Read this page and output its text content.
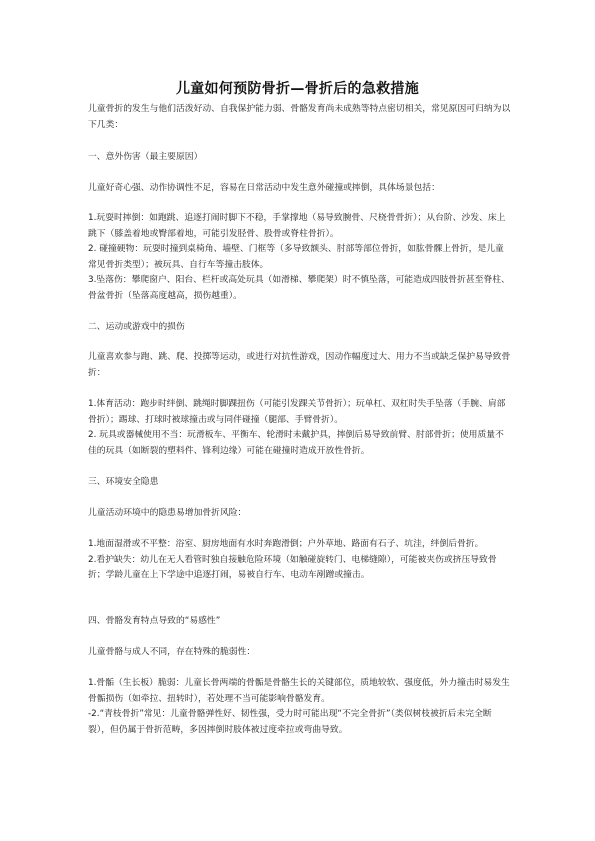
儿童如何预防骨折—骨折后的急救措施

儿童骨折的发生与他们活泼好动、自我保护能力弱、骨骼发育尚未成熟等特点密切相关，常见原因可归纳为以下几类：

一、意外伤害（最主要原因）

儿童好奇心强、动作协调性不足，容易在日常活动中发生意外碰撞或摔倒，具体场景包括：

1.玩耍时摔倒：如跑跳、追逐打闹时脚下不稳，手掌撑地（易导致腕骨、尺桡骨骨折）；从台阶、沙发、床上跳下（膝盖着地或臀部着地，可能引发胫骨、股骨或脊柱骨折）。
2. 碰撞硬物：玩耍时撞到桌椅角、墙壁、门框等（多导致额头、肘部等部位骨折，如肱骨髁上骨折，是儿童常见骨折类型）；被玩具、自行车等撞击肢体。
3.坠落伤：攀爬窗户、阳台、栏杆或高处玩具（如滑梯、攀爬架）时不慎坠落，可能造成四肢骨折甚至脊柱、骨盆骨折（坠落高度越高，损伤越重）。

二、运动或游戏中的损伤

儿童喜欢参与跑、跳、爬、投掷等运动，或进行对抗性游戏，因动作幅度过大、用力不当或缺乏保护易导致骨折：

1.体育活动：跑步时绊倒、跳绳时脚踝扭伤（可能引发踝关节骨折）；玩单杠、双杠时失手坠落（手腕、肩部骨折）；踢球、打球时被球撞击或与同伴碰撞（腿部、手臂骨折）。
2. 玩具或器械使用不当：玩滑板车、平衡车、轮滑时未戴护具，摔倒后易导致前臂、肘部骨折；使用质量不佳的玩具（如断裂的塑料件、锋利边缘）可能在碰撞时造成开放性骨折。

三、环境安全隐患

儿童活动环境中的隐患易增加骨折风险：

1.地面湿滑或不平整：浴室、厨房地面有水时奔跑滑倒；户外草地、路面有石子、坑洼，绊倒后骨折。
2.看护缺失：幼儿在无人看管时独自接触危险环境（如触碰旋转门、电梯缝隙），可能被夹伤或挤压导致骨折；学龄儿童在上下学途中追逐打闹，易被自行车、电动车剐蹭或撞击。

四、骨骼发育特点导致的“易感性”

儿童骨骼与成人不同，存在特殊的脆弱性：

1.骨骺（生长板）脆弱：儿童长骨两端的骨骺是骨骼生长的关键部位，质地较软、强度低，外力撞击时易发生骨骺损伤（如牵拉、扭转时），若处理不当可能影响骨骼发育。
-2.“青枝骨折”常见：儿童骨骼弹性好、韧性强，受力时可能出现“不完全骨折”（类似树枝被折后未完全断裂），但仍属于骨折范畴，多因摔倒时肢体被过度牵拉或弯曲导致。
